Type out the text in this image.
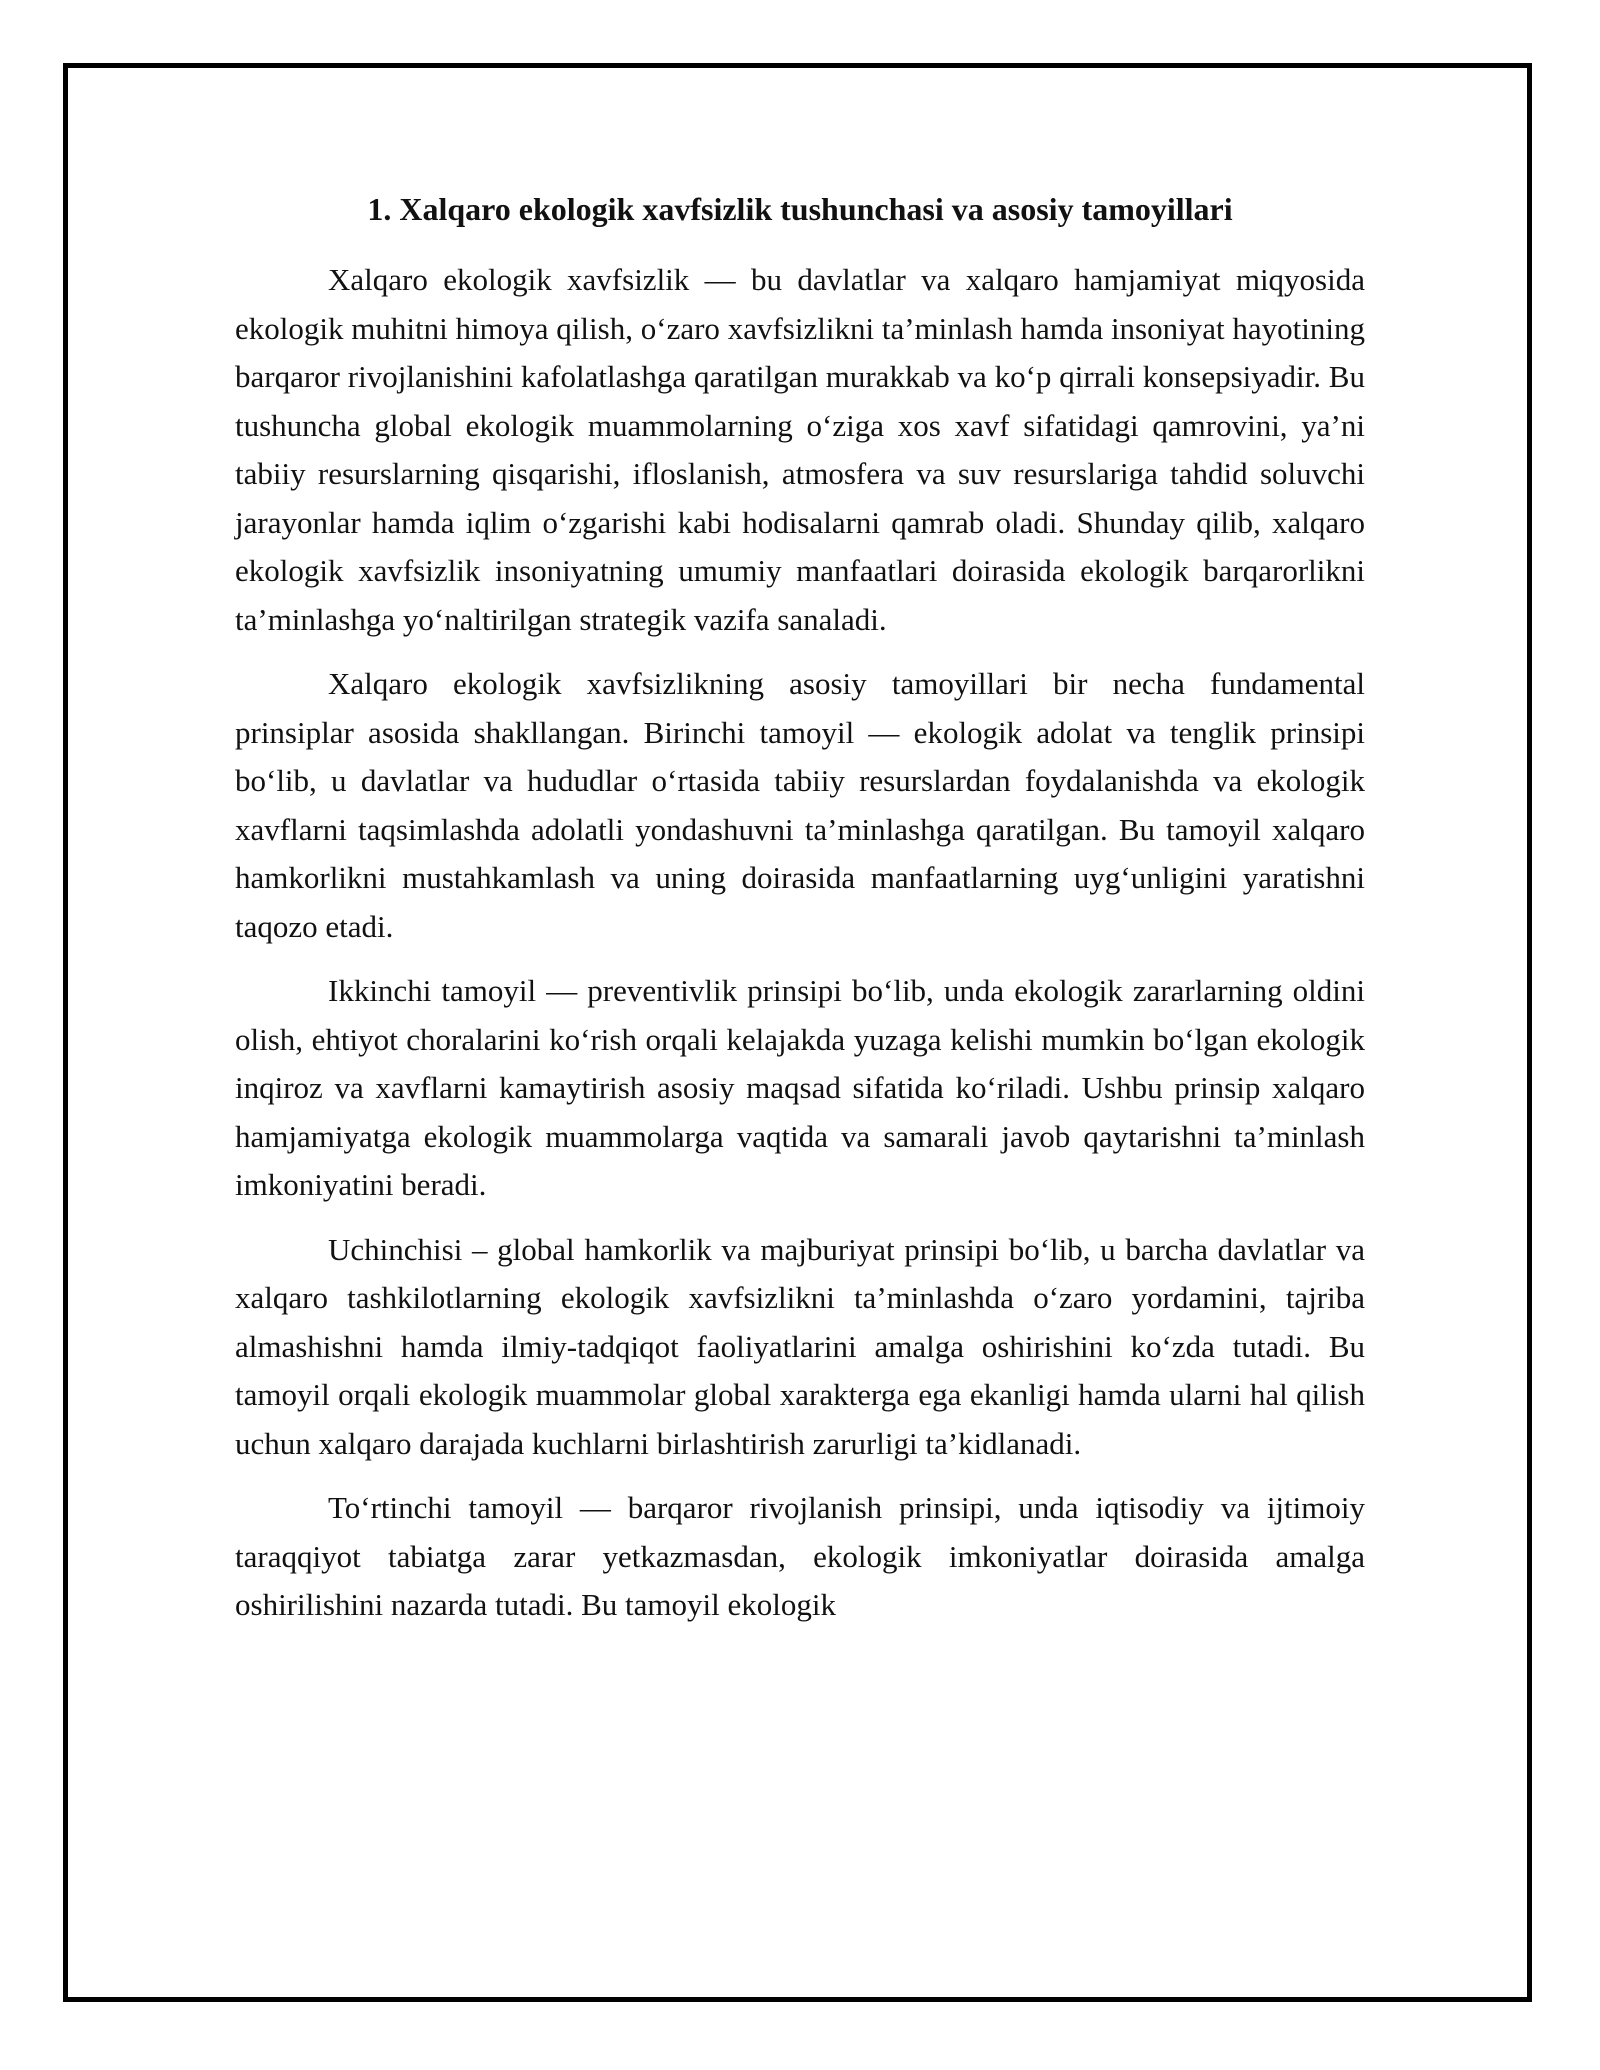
1. Xalqaro ekologik xavfsizlik tushunchasi va asosiy tamoyillari

Xalqaro ekologik xavfsizlik — bu davlatlar va xalqaro hamjamiyat miqyosida ekologik muhitni himoya qilish, o‘zaro xavfsizlikni ta’minlash hamda insoniyat hayotining barqaror rivojlanishini kafolatlashga qaratilgan murakkab va ko‘p qirrali konsepsiyadir. Bu tushuncha global ekologik muammolarning o‘ziga xos xavf sifatidagi qamrovini, ya’ni tabiiy resurslarning qisqarishi, ifloslanish, atmosfera va suv resurslariga tahdid soluvchi jarayonlar hamda iqlim o‘zgarishi kabi hodisalarni qamrab oladi. Shunday qilib, xalqaro ekologik xavfsizlik insoniyatning umumiy manfaatlari doirasida ekologik barqarorlikni ta’minlashga yo‘naltirilgan strategik vazifa sanaladi.

Xalqaro ekologik xavfsizlikning asosiy tamoyillari bir necha fundamental prinsiplar asosida shakllangan. Birinchi tamoyil — ekologik adolat va tenglik prinsipi bo‘lib, u davlatlar va hududlar o‘rtasida tabiiy resurslardan foydalanishda va ekologik xavflarni taqsimlashda adolatli yondashuvni ta’minlashga qaratilgan. Bu tamoyil xalqaro hamkorlikni mustahkamlash va uning doirasida manfaatlarning uyg‘unligini yaratishni taqozo etadi.

Ikkinchi tamoyil — preventivlik prinsipi bo‘lib, unda ekologik zararlarning oldini olish, ehtiyot choralarini ko‘rish orqali kelajakda yuzaga kelishi mumkin bo‘lgan ekologik inqiroz va xavflarni kamaytirish asosiy maqsad sifatida ko‘riladi. Ushbu prinsip xalqaro hamjamiyatga ekologik muammolarga vaqtida va samarali javob qaytarishni ta’minlash imkoniyatini beradi.

Uchinchisi – global hamkorlik va majburiyat prinsipi bo‘lib, u barcha davlatlar va xalqaro tashkilotlarning ekologik xavfsizlikni ta’minlashda o‘zaro yordamini, tajriba almashishni hamda ilmiy-tadqiqot faoliyatlarini amalga oshirishini ko‘zda tutadi. Bu tamoyil orqali ekologik muammolar global xarakterga ega ekanligi hamda ularni hal qilish uchun xalqaro darajada kuchlarni birlashtirish zarurligi ta’kidlanadi.

To‘rtinchi tamoyil — barqaror rivojlanish prinsipi, unda iqtisodiy va ijtimoiy taraqqiyot tabiatga zarar yetkazmasdan, ekologik imkoniyatlar doirasida amalga oshirilishini nazarda tutadi. Bu tamoyil ekologik
